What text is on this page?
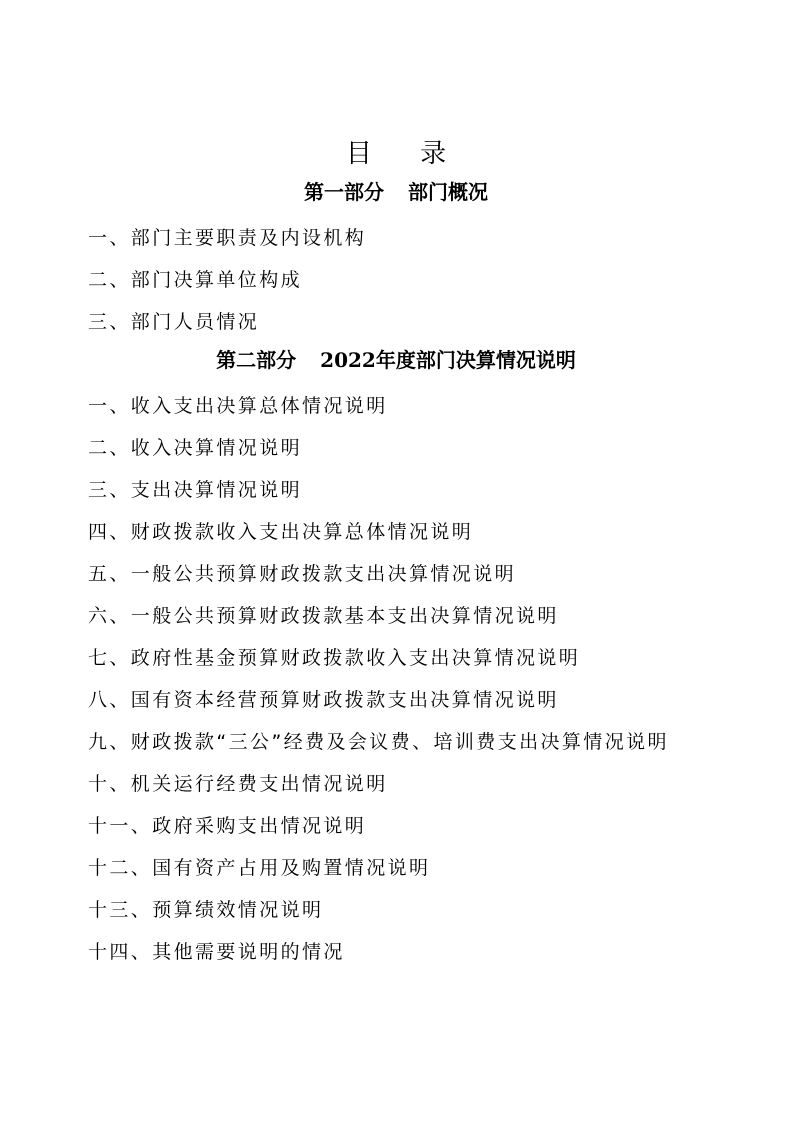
目 录
第一部分 部门概况
一、部门主要职责及内设机构
二、部门决算单位构成
三、部门人员情况
第二部分 2022年度部门决算情况说明
一、收入支出决算总体情况说明
二、收入决算情况说明
三、支出决算情况说明
四、财政拨款收入支出决算总体情况说明
五、一般公共预算财政拨款支出决算情况说明
六、一般公共预算财政拨款基本支出决算情况说明
七、政府性基金预算财政拨款收入支出决算情况说明
八、国有资本经营预算财政拨款支出决算情况说明
九、财政拨款“三公”经费及会议费、培训费支出决算情况说明
十、机关运行经费支出情况说明
十一、政府采购支出情况说明
十二、国有资产占用及购置情况说明
十三、预算绩效情况说明
十四、其他需要说明的情况
